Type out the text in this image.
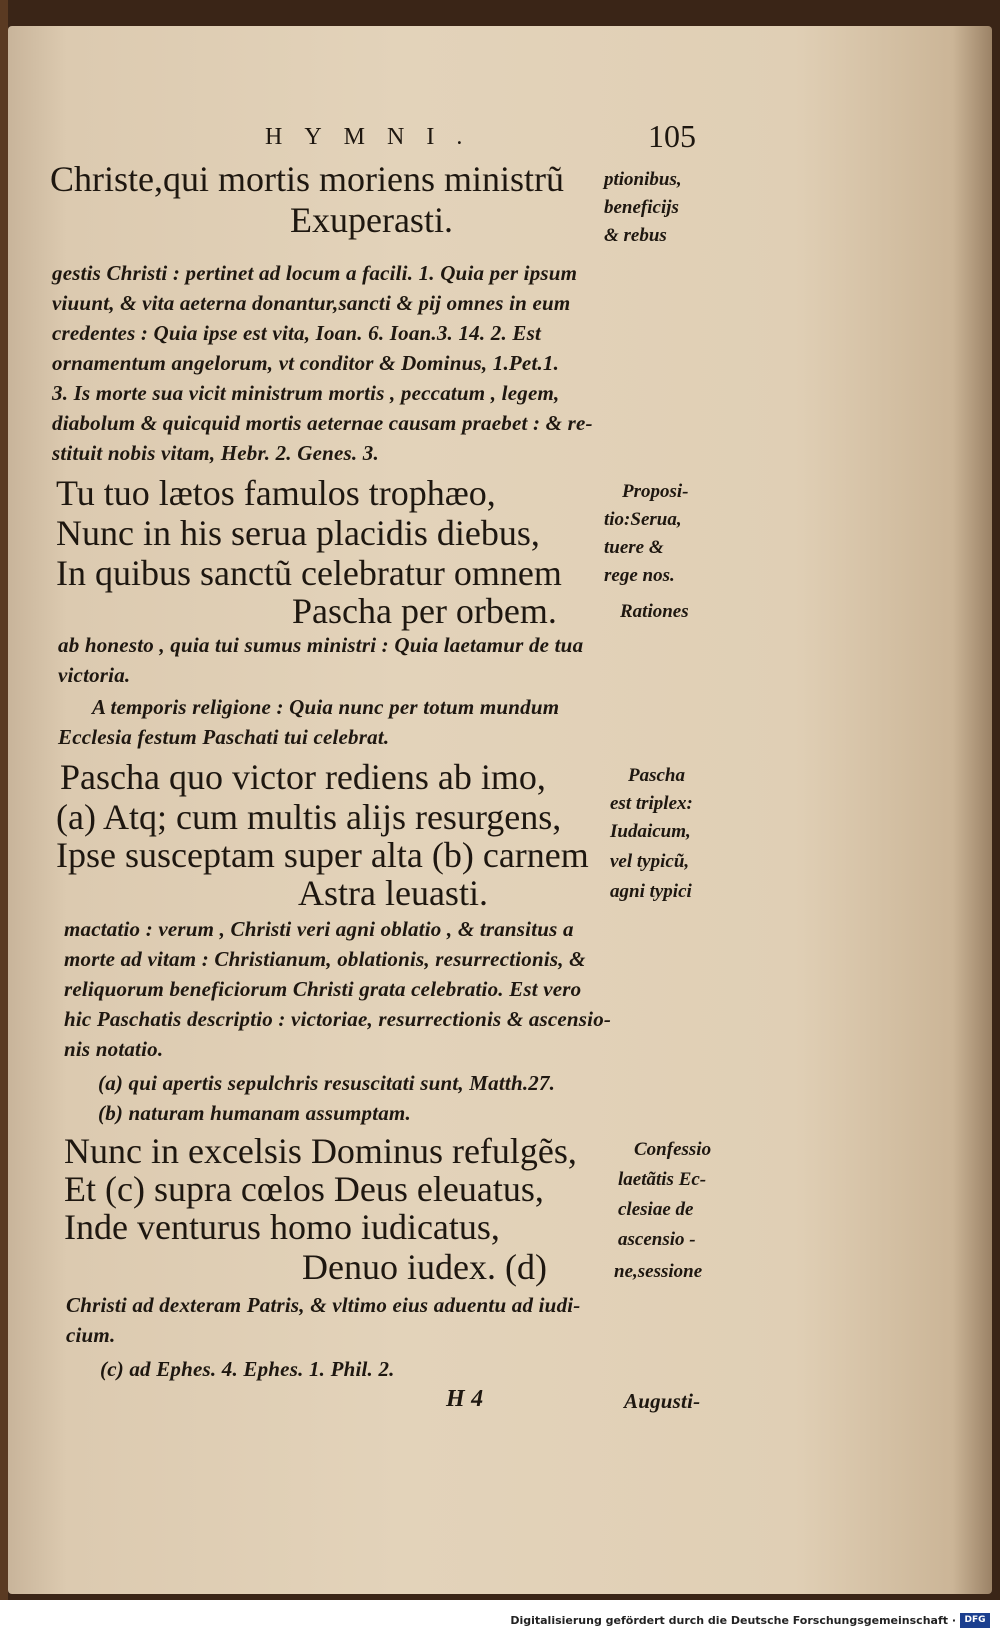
HYMNI.	105
Christe,qui mortis moriens ministrũ
Exuperasti.
ptionibus,
beneficijs
& rebus
gestis Christi : pertinet ad locum a facili. 1. Quia per ipsum
viuunt, & vita aeterna donantur,sancti & pij omnes in eum
credentes : Quia ipse est vita, Ioan. 6. Ioan.3. 14. 2. Est
ornamentum angelorum, vt conditor & Dominus, 1.Pet.1.
3. Is morte sua vicit ministrum mortis , peccatum , legem,
diabolum & quicquid mortis aeternae causam praebet : & re-
stituit nobis vitam, Hebr. 2. Genes. 3.
Tu tuo lætos famulos trophæo,
Nunc in his serua placidis diebus,
In quibus sanctũ celebratur omnem
Pascha per orbem.
Proposi-
tio:Serua,
tuere &
rege nos.
Rationes
ab honesto , quia tui sumus ministri : Quia laetamur de tua
victoria.
A temporis religione : Quia nunc per totum mundum
Ecclesia festum Paschati tui celebrat.
Pascha quo victor rediens ab imo,
(a) Atq; cum multis alijs resurgens,
Ipse susceptam super alta (b) carnem
Astra leuasti.
Pascha
est triplex:
Iudaicum,
vel typicũ,
agni typici
mactatio : verum , Christi veri agni oblatio , & transitus a
morte ad vitam : Christianum, oblationis, resurrectionis, &
reliquorum beneficiorum Christi grata celebratio. Est vero
hic Paschatis descriptio : victoriae, resurrectionis & ascensio-
nis notatio.
(a) qui apertis sepulchris resuscitati sunt, Matth.27.
(b) naturam humanam assumptam.
Nunc in excelsis Dominus refulgẽs,
Et (c) supra cœlos Deus eleuatus,
Inde venturus homo iudicatus,
Denuo iudex. (d)
Confessio
laetãtis Ec-
clesiae de
ascensio -
ne,sessione
Christi ad dexteram Patris, & vltimo eius aduentu ad iudi-
cium.
(c) ad Ephes. 4. Ephes. 1. Phil. 2.
H 4	Augusti-
Digitalisierung gefördert durch die Deutsche Forschungsgemeinschaft · DFG
